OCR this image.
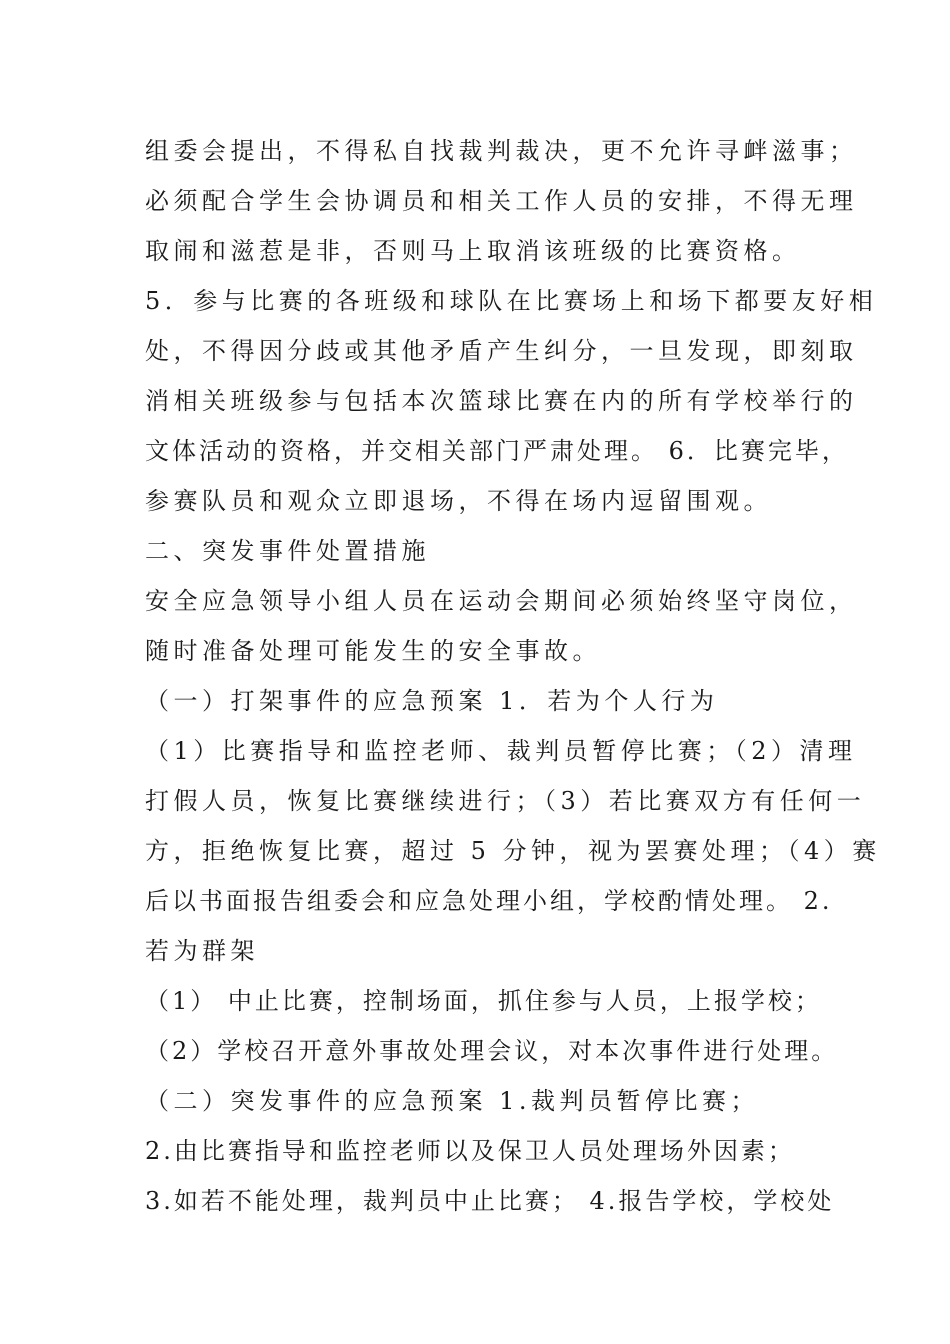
组委会提出，不得私自找裁判裁决，更不允许寻衅滋事；
必须配合学生会协调员和相关工作人员的安排，不得无理
取闹和滋惹是非，否则马上取消该班级的比赛资格。
5．参与比赛的各班级和球队在比赛场上和场下都要友好相
处，不得因分歧或其他矛盾产生纠分，一旦发现，即刻取
消相关班级参与包括本次篮球比赛在内的所有学校举行的
文体活动的资格，并交相关部门严肃处理。 6．比赛完毕，
参赛队员和观众立即退场，不得在场内逗留围观。
二、突发事件处置措施
安全应急领导小组人员在运动会期间必须始终坚守岗位，
随时准备处理可能发生的安全事故。
（一）打架事件的应急预案 1．若为个人行为
（1）比赛指导和监控老师、裁判员暂停比赛；（2）清理
打假人员，恢复比赛继续进行；（3）若比赛双方有任何一
方，拒绝恢复比赛，超过 5 分钟，视为罢赛处理；（4）赛
后以书面报告组委会和应急处理小组，学校酌情处理。 2.
若为群架
（1） 中止比赛，控制场面，抓住参与人员，上报学校；
（2）学校召开意外事故处理会议，对本次事件进行处理。
（二）突发事件的应急预案 1.裁判员暂停比赛；
2.由比赛指导和监控老师以及保卫人员处理场外因素；
3.如若不能处理，裁判员中止比赛； 4.报告学校，学校处
